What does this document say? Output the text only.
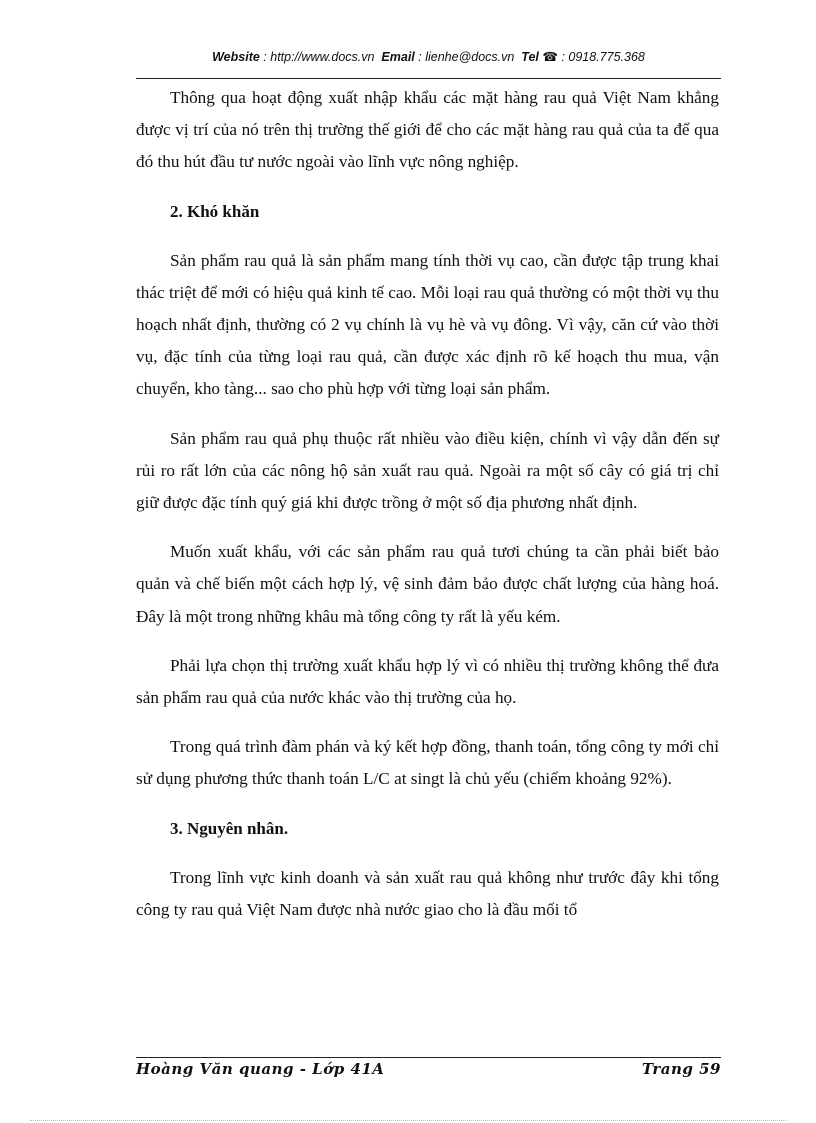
Website : http://www.docs.vn Email : lienhe@docs.vn Tel ☎ : 0918.775.368

Thông qua hoạt động xuất nhập khẩu các mặt hàng rau quả Việt Nam khẳng được vị trí của nó trên thị trường thế giới để cho các mặt hàng rau quả của ta để qua đó thu hút đầu tư nước ngoài vào lĩnh vực nông nghiệp.

2. Khó khăn

Sản phẩm rau quả là sản phẩm mang tính thời vụ cao, cần được tập trung khai thác triệt để mới có hiệu quả kinh tế cao. Mỗi loại rau quả thường có một thời vụ thu hoạch nhất định, thường có 2 vụ chính là vụ hè và vụ đông. Vì vậy, căn cứ vào thời vụ, đặc tính của từng loại rau quả, cần được xác định rõ kế hoạch thu mua, vận chuyển, kho tàng... sao cho phù hợp với từng loại sản phẩm.

Sản phẩm rau quả phụ thuộc rất nhiều vào điều kiện, chính vì vậy dẫn đến sự rủi ro rất lớn của các nông hộ sản xuất rau quả. Ngoài ra một số cây có giá trị chỉ giữ được đặc tính quý giá khi được trồng ở một số địa phương nhất định.

Muốn xuất khẩu, với các sản phẩm rau quả tươi chúng ta cần phải biết bảo quản và chế biến một cách hợp lý, vệ sinh đảm bảo được chất lượng của hàng hoá. Đây là một trong những khâu mà tổng công ty rất là yếu kém.

Phải lựa chọn thị trường xuất khẩu hợp lý vì có nhiều thị trường không thể đưa sản phẩm rau quả của nước khác vào thị trường của họ.

Trong quá trình đàm phán và ký kết hợp đồng, thanh toán, tổng công ty mới chỉ sử dụng phương thức thanh toán L/C at singt là chủ yếu (chiếm khoảng 92%).

3. Nguyên nhân.

Trong lĩnh vực kinh doanh và sản xuất rau quả không như trước đây khi tổng công ty rau quả Việt Nam được nhà nước giao cho là đầu mối tổ

Hoàng Văn quang - Lớp 41A	Trang 59
